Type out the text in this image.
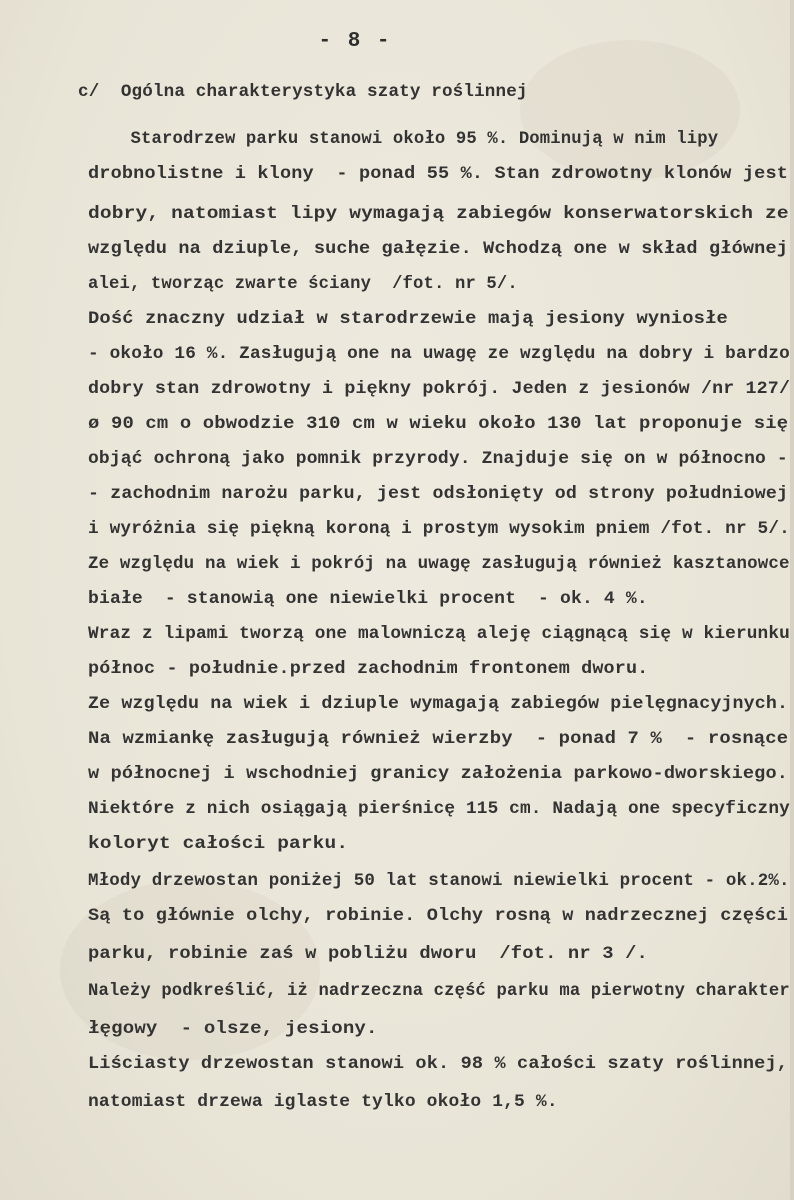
- 8 -
c/  Ogólna charakterystyka szaty roślinnej
Starodrzew parku stanowi około 95 %. Dominują w nim lipy
drobnolistne i klony  - ponad 55 %. Stan zdrowotny klonów jest
dobry, natomiast lipy wymagają zabiegów konserwatorskich ze
względu na dziuple, suche gałęzie. Wchodzą one w skład głównej
alei, tworząc zwarte ściany  /fot. nr 5/.
Dość znaczny udział w starodrzewie mają jesiony wyniosłe
- około 16 %. Zasługują one na uwagę ze względu na dobry i bardzo
dobry stan zdrowotny i piękny pokrój. Jeden z jesionów /nr 127/
ø 90 cm o obwodzie 310 cm w wieku około 130 lat proponuje się
objąć ochroną jako pomnik przyrody. Znajduje się on w północno -
- zachodnim narożu parku, jest odsłonięty od strony południowej
i wyróżnia się piękną koroną i prostym wysokim pniem /fot. nr 5/.
Ze względu na wiek i pokrój na uwagę zasługują również kasztanowce
białe  - stanowią one niewielki procent  - ok. 4 %.
Wraz z lipami tworzą one malowniczą aleję ciągnącą się w kierunku
północ - południe.przed zachodnim frontonem dworu.
Ze względu na wiek i dziuple wymagają zabiegów pielęgnacyjnych.
Na wzmiankę zasługują również wierzby  - ponad 7 %  - rosnące
w północnej i wschodniej granicy założenia parkowo-dworskiego.
Niektóre z nich osiągają pierśnicę 115 cm. Nadają one specyficzny
koloryt całości parku.
Młody drzewostan poniżej 50 lat stanowi niewielki procent - ok.2%.
Są to głównie olchy, robinie. Olchy rosną w nadrzecznej części
parku, robinie zaś w pobliżu dworu  /fot. nr 3 /.
Należy podkreślić, iż nadrzeczna część parku ma pierwotny charakter
łęgowy  - olsze, jesiony.
Liściasty drzewostan stanowi ok. 98 % całości szaty roślinnej,
natomiast drzewa iglaste tylko około 1,5 %.
